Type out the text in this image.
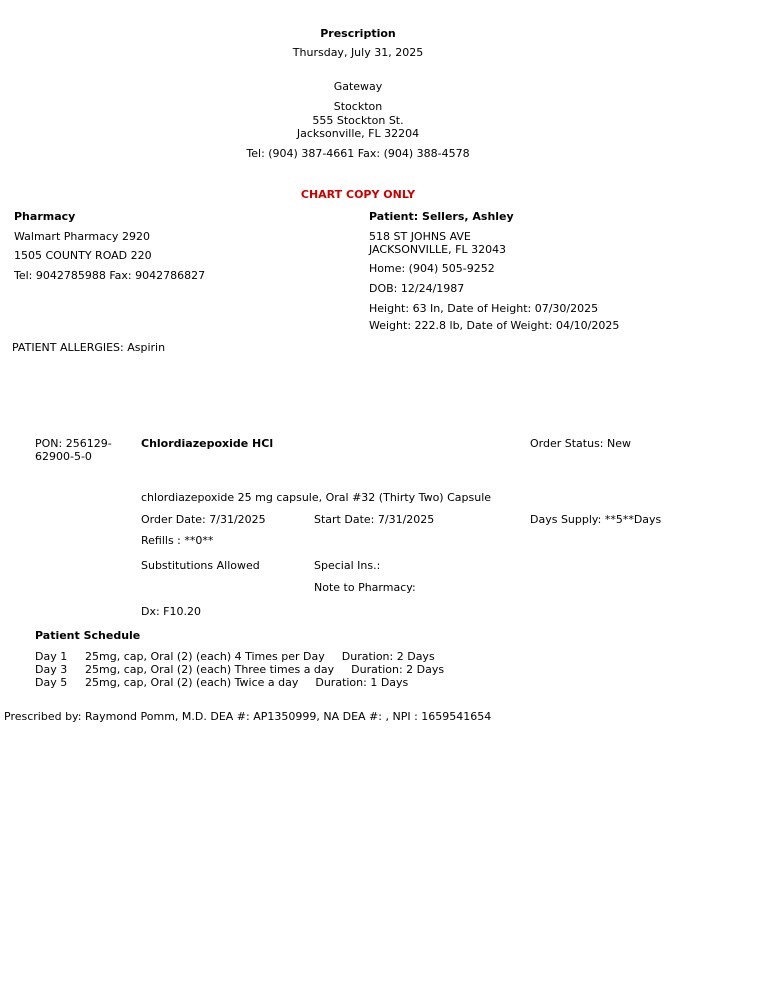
Prescription
Thursday, July 31, 2025
Gateway
Stockton
555 Stockton St.
Jacksonville, FL 32204
Tel: (904) 387-4661 Fax: (904) 388-4578
CHART COPY ONLY
Pharmacy
Walmart Pharmacy 2920
1505 COUNTY ROAD 220
Tel: 9042785988 Fax: 9042786827
Patient: Sellers, Ashley
518 ST JOHNS AVE
JACKSONVILLE, FL 32043
Home: (904) 505-9252
DOB: 12/24/1987
Height: 63 In, Date of Height: 07/30/2025
Weight: 222.8 lb, Date of Weight: 04/10/2025
PATIENT ALLERGIES: Aspirin
PON: 256129-
62900-5-0
Chlordiazepoxide HCl	Order Status: New
chlordiazepoxide 25 mg capsule, Oral #32 (Thirty Two) Capsule
Order Date: 7/31/2025	Start Date: 7/31/2025	Days Supply: **5**Days
Refills : **0**
Substitutions Allowed	Special Ins.:
Note to Pharmacy:
Dx: F10.20
Patient Schedule
Day 1 25mg, cap, Oral (2) (each) 4 Times per Day Duration: 2 Days
Day 3 25mg, cap, Oral (2) (each) Three times a day Duration: 2 Days
Day 5 25mg, cap, Oral (2) (each) Twice a day Duration: 1 Days
Prescribed by: Raymond Pomm, M.D. DEA #: AP1350999, NA DEA #: , NPI : 1659541654
